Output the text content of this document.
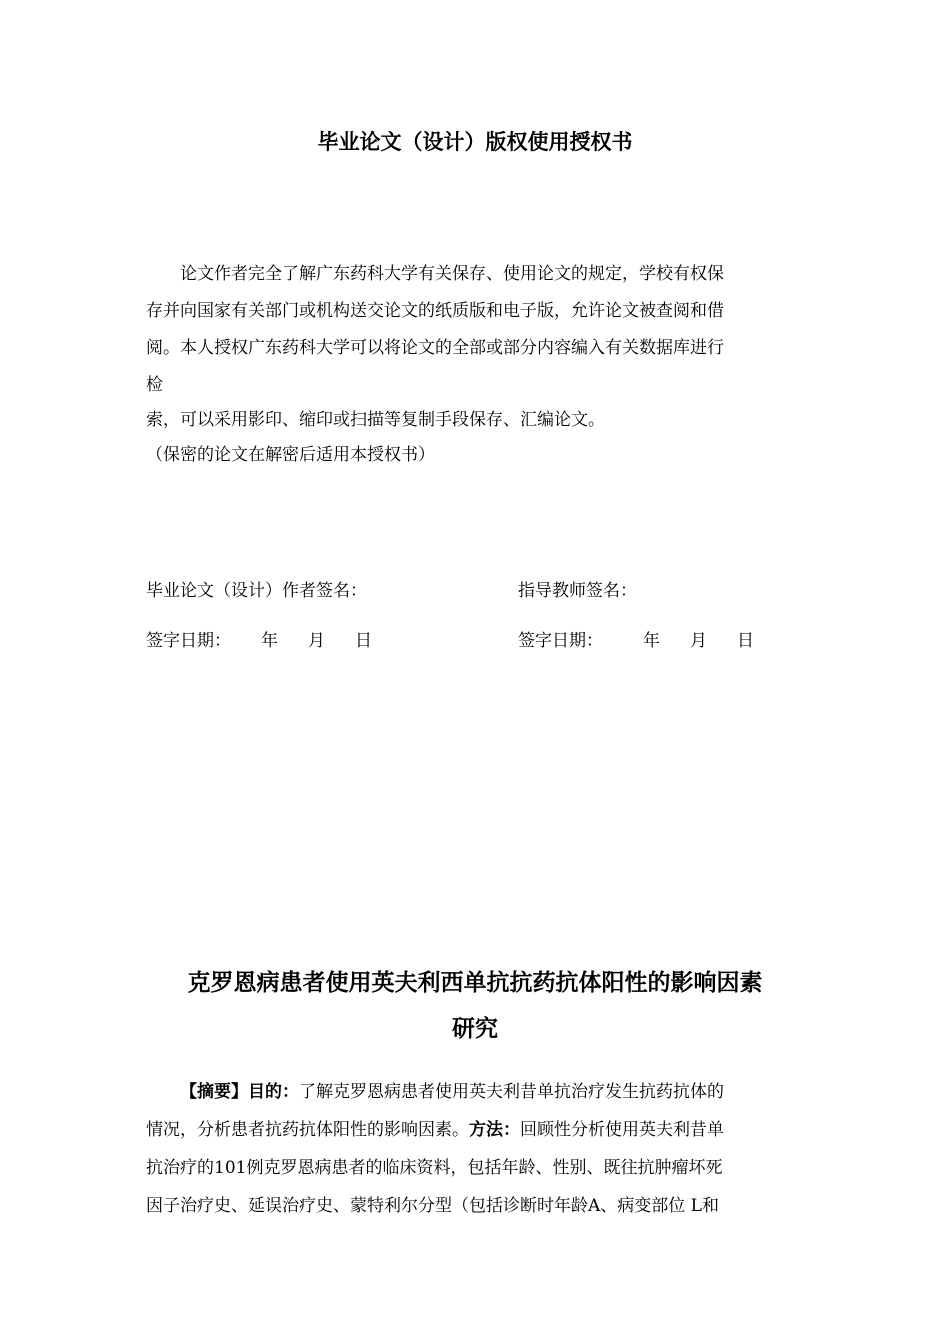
毕业论文（设计）版权使用授权书
论文作者完全了解广东药科大学有关保存、使用论文的规定，学校有权保
存并向国家有关部门或机构送交论文的纸质版和电子版，允许论文被查阅和借
阅。本人授权广东药科大学可以将论文的全部或部分内容编入有关数据库进行
检
索，可以采用影印、缩印或扫描等复制手段保存、汇编论文。
（保密的论文在解密后适用本授权书）
毕业论文（设计）作者签名：	指导教师签名：
签字日期： 年 月 日	签字日期： 年 月 日
克罗恩病患者使用英夫利西单抗抗药抗体阳性的影响因素
研究
【摘要】目的：了解克罗恩病患者使用英夫利昔单抗治疗发生抗药抗体的
情况，分析患者抗药抗体阳性的影响因素。方法：回顾性分析使用英夫利昔单
抗治疗的101例克罗恩病患者的临床资料，包括年龄、性别、既往抗肿瘤坏死
因子治疗史、延误治疗史、蒙特利尔分型（包括诊断时年龄A、病变部位 L和
